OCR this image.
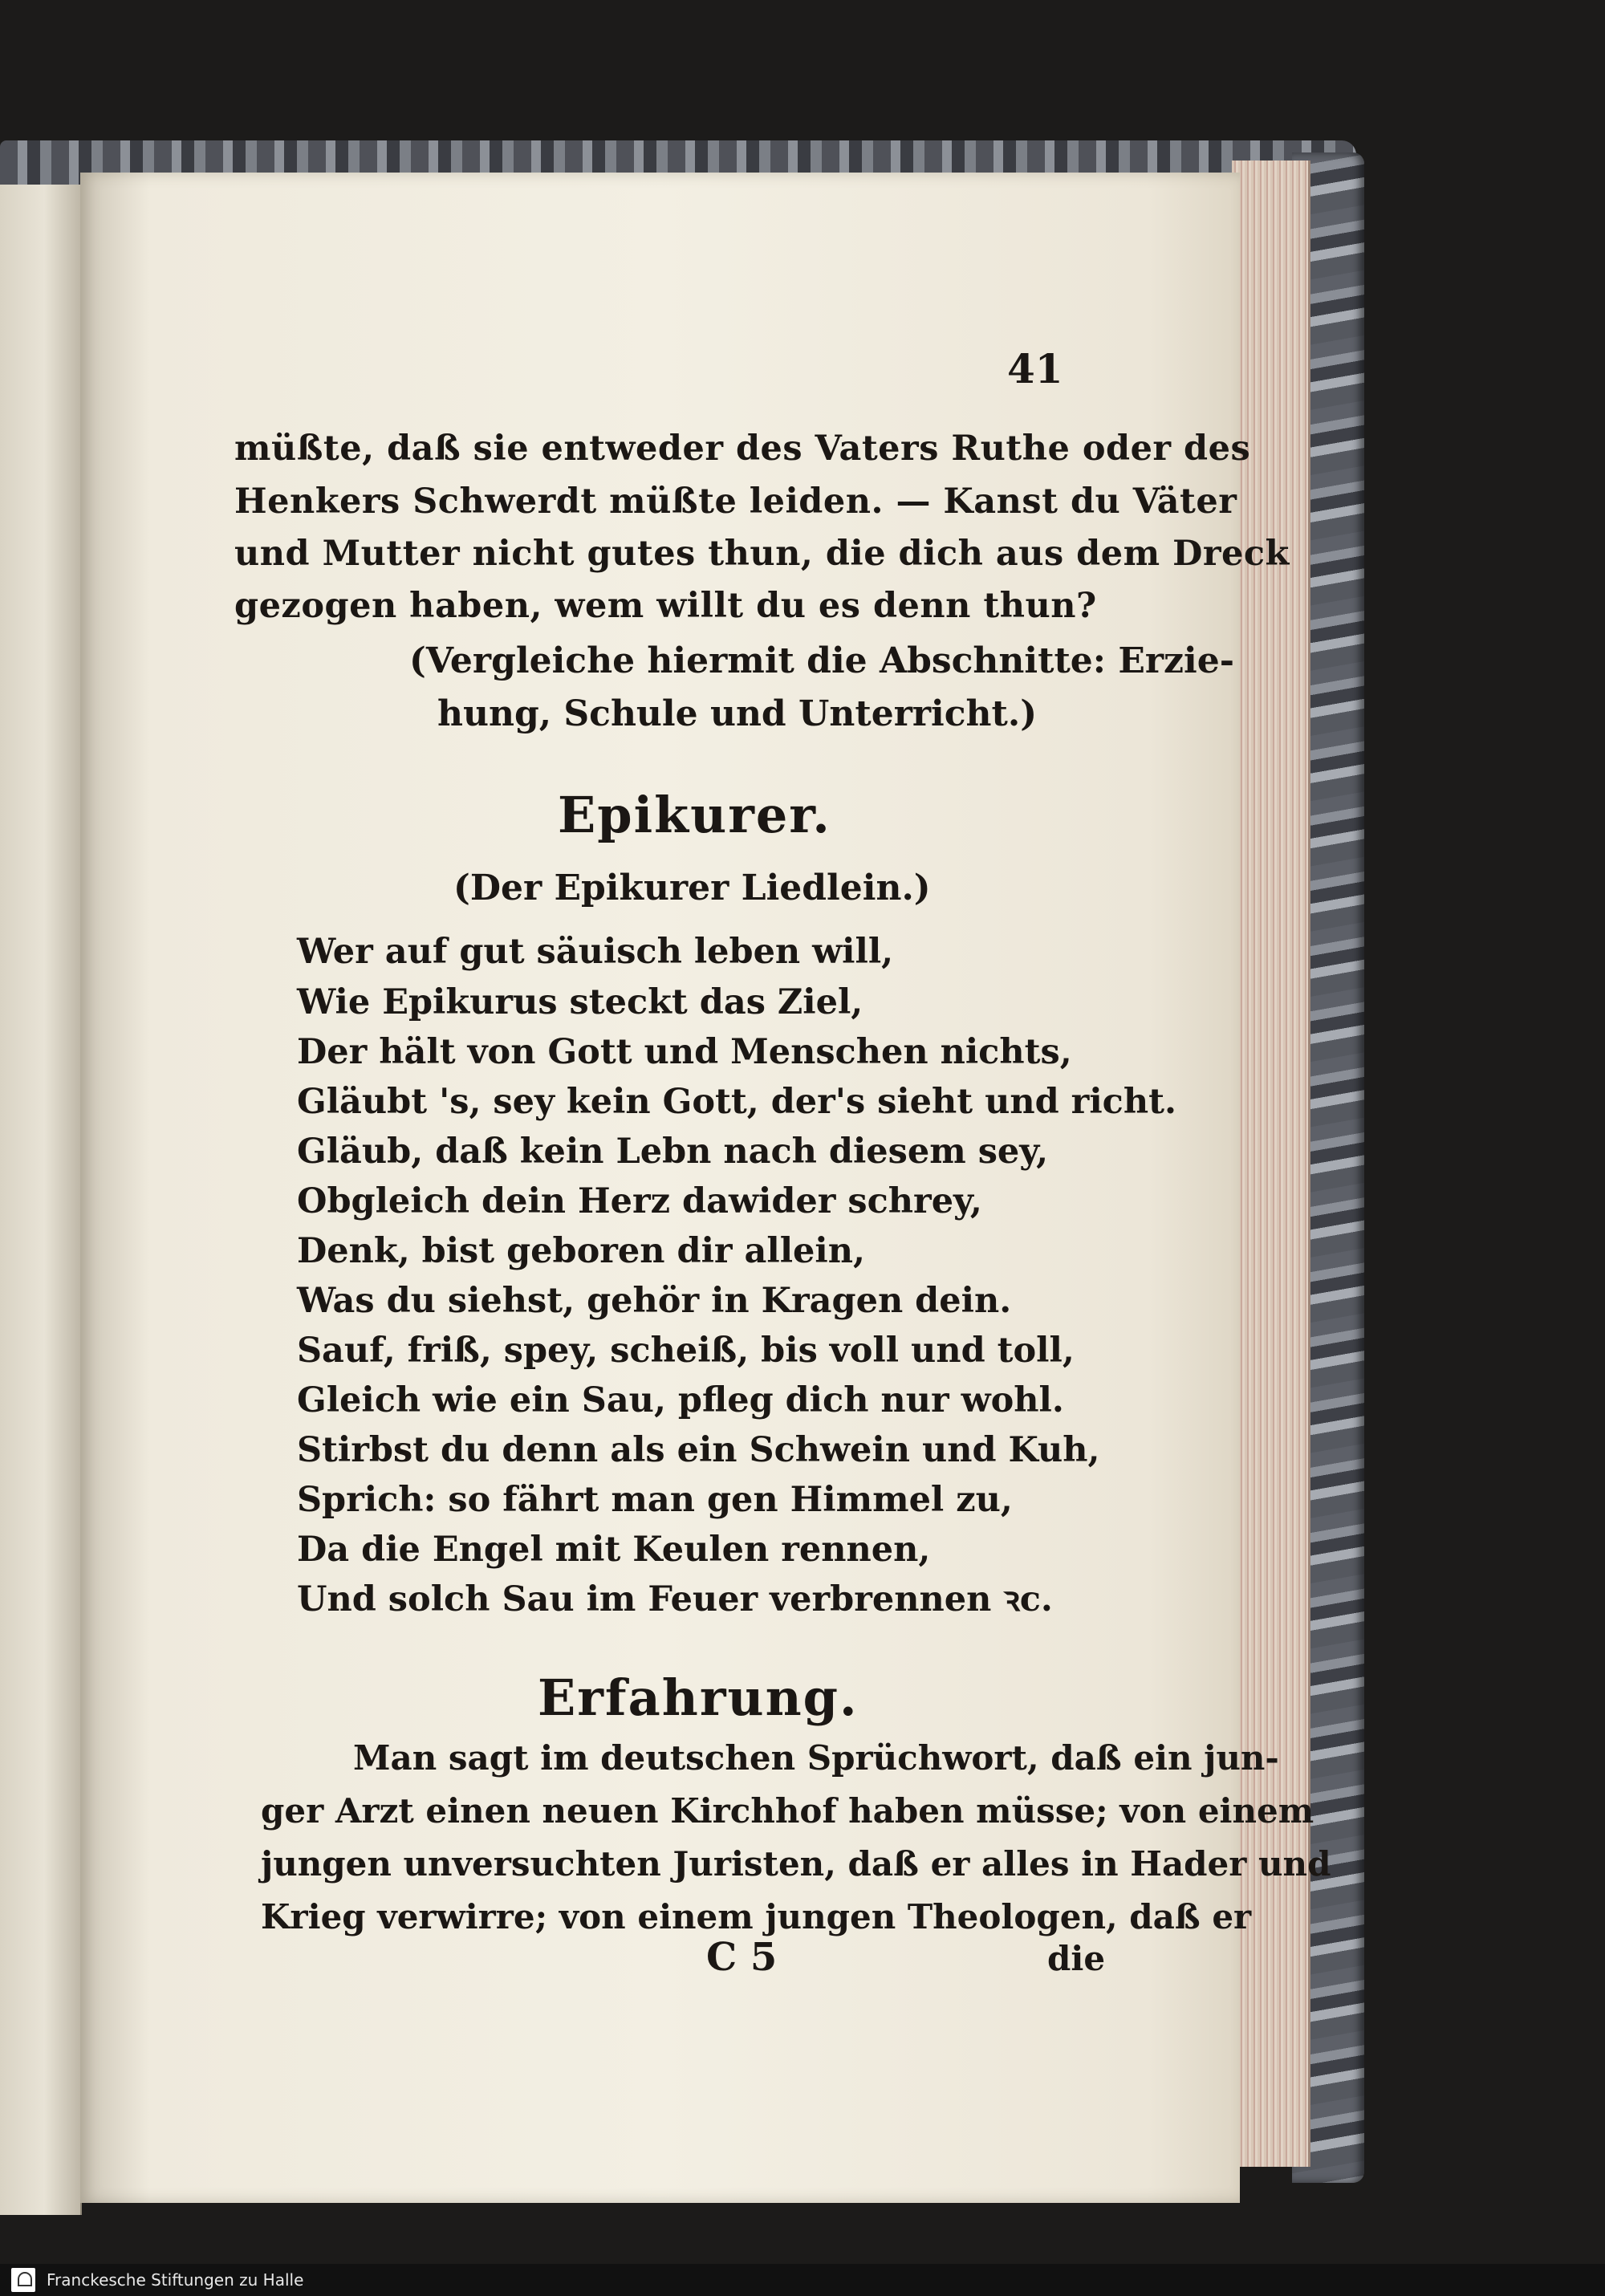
41
müßte, daß sie entweder des Vaters Ruthe oder des
Henkers Schwerdt müßte leiden. — Kanst du Väter
und Mutter nicht gutes thun, die dich aus dem Dreck
gezogen haben, wem willt du es denn thun?
(Vergleiche hiermit die Abschnitte: Erzie-
hung, Schule und Unterricht.)
Epikurer.
(Der Epikurer Liedlein.)
Wer auf gut säuisch leben will,
Wie Epikurus steckt das Ziel,
Der hält von Gott und Menschen nichts,
Gläubt 's, sey kein Gott, der's sieht und richt.
Gläub, daß kein Lebn nach diesem sey,
Obgleich dein Herz dawider schrey,
Denk, bist geboren dir allein,
Was du siehst, gehör in Kragen dein.
Sauf, friß, spey, scheiß, bis voll und toll,
Gleich wie ein Sau, pfleg dich nur wohl.
Stirbst du denn als ein Schwein und Kuh,
Sprich: so fährt man gen Himmel zu,
Da die Engel mit Keulen rennen,
Und solch Sau im Feuer verbrennen ꝛc.
Erfahrung.
Man sagt im deutschen Sprüchwort, daß ein jun-
ger Arzt einen neuen Kirchhof haben müsse; von einem
jungen unversuchten Juristen, daß er alles in Hader und
Krieg verwirre; von einem jungen Theologen, daß er
C 5	die
Franckesche Stiftungen zu Halle
